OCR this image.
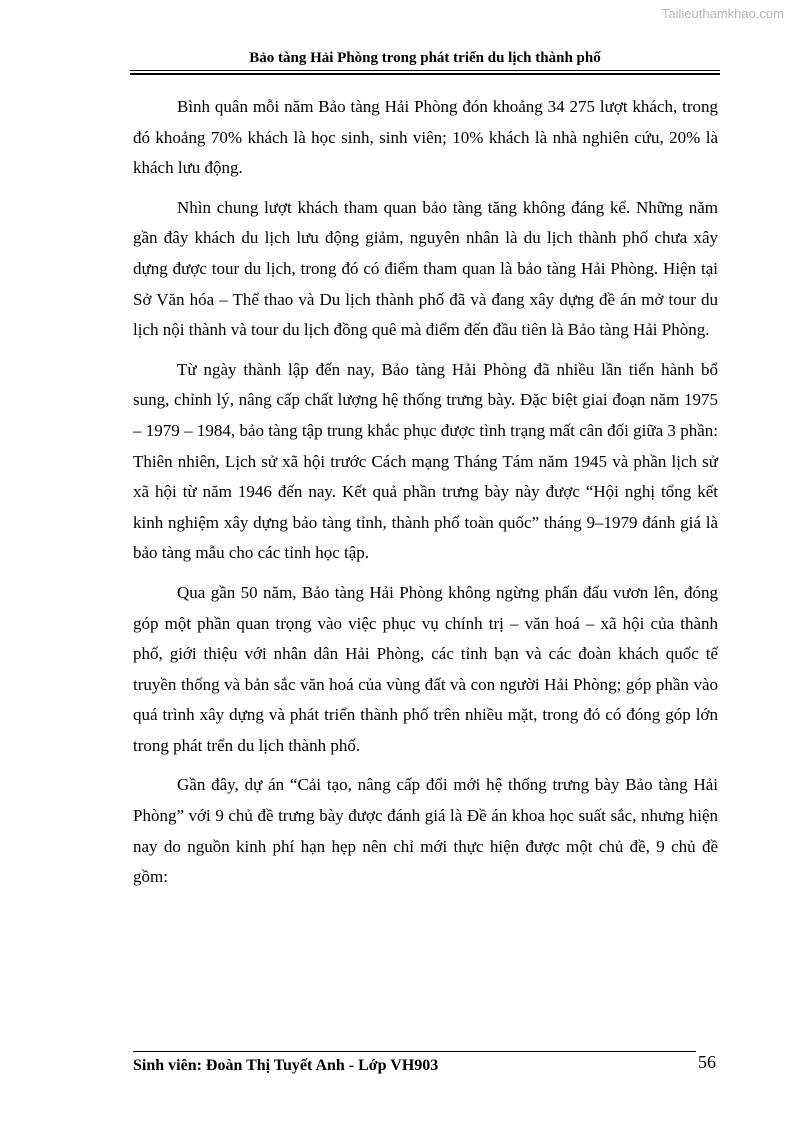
Tailieuthamkhao.com
Bảo tàng Hải Phòng trong phát triển du lịch thành phố

Bình quân mỗi năm Bảo tàng Hải Phòng đón khoảng 34 275 lượt khách, trong đó khoảng 70% khách là học sinh, sinh viên; 10% khách là nhà nghiên cứu, 20% là khách lưu động.

Nhìn chung lượt khách tham quan bảo tàng tăng không đáng kể. Những năm gần đây khách du lịch lưu động giảm, nguyên nhân là du lịch thành phố chưa xây dựng được tour du lịch, trong đó có điểm tham quan là bảo tàng Hải Phòng. Hiện tại Sở Văn hóa – Thể thao và Du lịch thành phố đã và đang xây dựng đề án mở tour du lịch nội thành và tour du lịch đồng quê mà điểm đến đầu tiên là Bảo tàng Hải Phòng.

Từ ngày thành lập đến nay, Bảo tàng Hải Phòng đã nhiều lần tiến hành bổ sung, chỉnh lý, nâng cấp chất lượng hệ thống trưng bày. Đặc biệt giai đoạn năm 1975 – 1979 – 1984, bảo tàng tập trung khắc phục được tình trạng mất cân đối giữa 3 phần: Thiên nhiên, Lịch sử xã hội trước Cách mạng Tháng Tám năm 1945 và phần lịch sử xã hội từ năm 1946 đến nay. Kết quả phần trưng bày này được “Hội nghị tổng kết kinh nghiệm xây dựng bảo tàng tỉnh, thành phố toàn quốc” tháng 9–1979 đánh giá là bảo tàng mẫu cho các tỉnh học tập.

Qua gần 50 năm, Bảo tàng Hải Phòng không ngừng phấn đấu vươn lên, đóng góp một phần quan trọng vào việc phục vụ chính trị – văn hoá – xã hội của thành phố, giới thiệu với nhân dân Hải Phòng, các tỉnh bạn và các đoàn khách quốc tế truyền thống và bản sắc văn hoá của vùng đất và con người Hải Phòng; góp phần vào quá trình xây dựng và phát triển thành phố trên nhiều mặt, trong đó có đóng góp lớn trong phát trển du lịch thành phố.

Gần đây, dự án “Cải tạo, nâng cấp đổi mới hệ thống trưng bày Bảo tàng Hải Phòng” với 9 chủ đề trưng bày được đánh giá là Đề án khoa học suất sắc, nhưng hiện nay do nguồn kinh phí hạn hẹp nên chỉ mới thực hiện được một chủ đề, 9 chủ đề gồm:

Sinh viên: Đoàn Thị Tuyết Anh - Lớp VH903	56
